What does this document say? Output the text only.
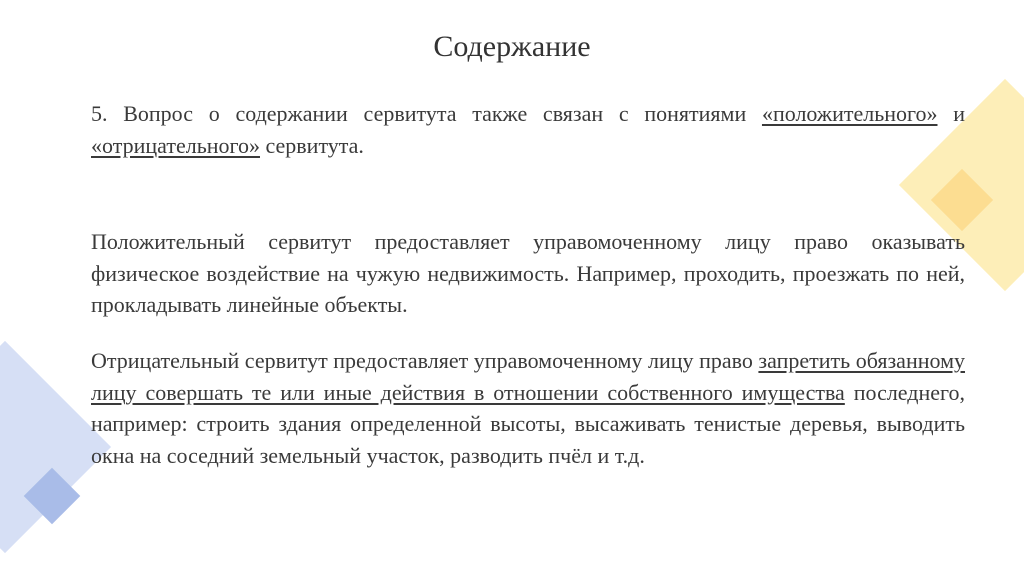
Содержание

5. Вопрос о содержании сервитута также связан с понятиями «положительного» и «отрицательного» сервитута.

Положительный сервитут предоставляет управомоченному лицу право оказывать физическое воздействие на чужую недвижимость. Например, проходить, проезжать по ней, прокладывать линейные объекты.

Отрицательный сервитут предоставляет управомоченному лицу право запретить обязанному лицу совершать те или иные действия в отношении собственного имущества последнего, например: строить здания определенной высоты, высаживать тенистые деревья, выводить окна на соседний земельный участок, разводить пчёл и т.д.
